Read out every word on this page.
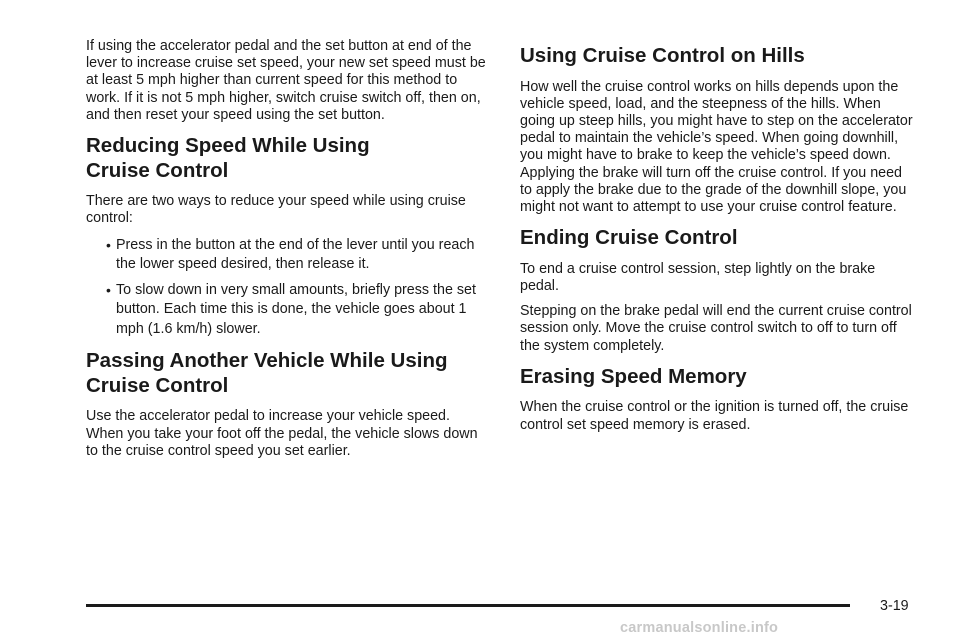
If using the accelerator pedal and the set button at end of the lever to increase cruise set speed, your new set speed must be at least 5 mph higher than current speed for this method to work. If it is not 5 mph higher, switch cruise switch off, then on, and then reset your speed using the set button.

Reducing Speed While Using
Cruise Control

There are two ways to reduce your speed while using cruise control:

• Press in the button at the end of the lever until you reach the lower speed desired, then release it.
• To slow down in very small amounts, briefly press the set button. Each time this is done, the vehicle goes about 1 mph (1.6 km/h) slower.
Passing Another Vehicle While Using
Cruise Control

Use the accelerator pedal to increase your vehicle speed. When you take your foot off the pedal, the vehicle slows down to the cruise control speed you set earlier.

Using Cruise Control on Hills

How well the cruise control works on hills depends upon the vehicle speed, load, and the steepness of the hills. When going up steep hills, you might have to step on the accelerator pedal to maintain the vehicle’s speed. When going downhill, you might have to brake to keep the vehicle’s speed down. Applying the brake will turn off the cruise control. If you need to apply the brake due to the grade of the downhill slope, you might not want to attempt to use your cruise control feature.

Ending Cruise Control

To end a cruise control session, step lightly on the brake pedal.

Stepping on the brake pedal will end the current cruise control session only. Move the cruise control switch to off to turn off the system completely.

Erasing Speed Memory

When the cruise control or the ignition is turned off, the cruise control set speed memory is erased.

3-19
carmanualsonline.info
